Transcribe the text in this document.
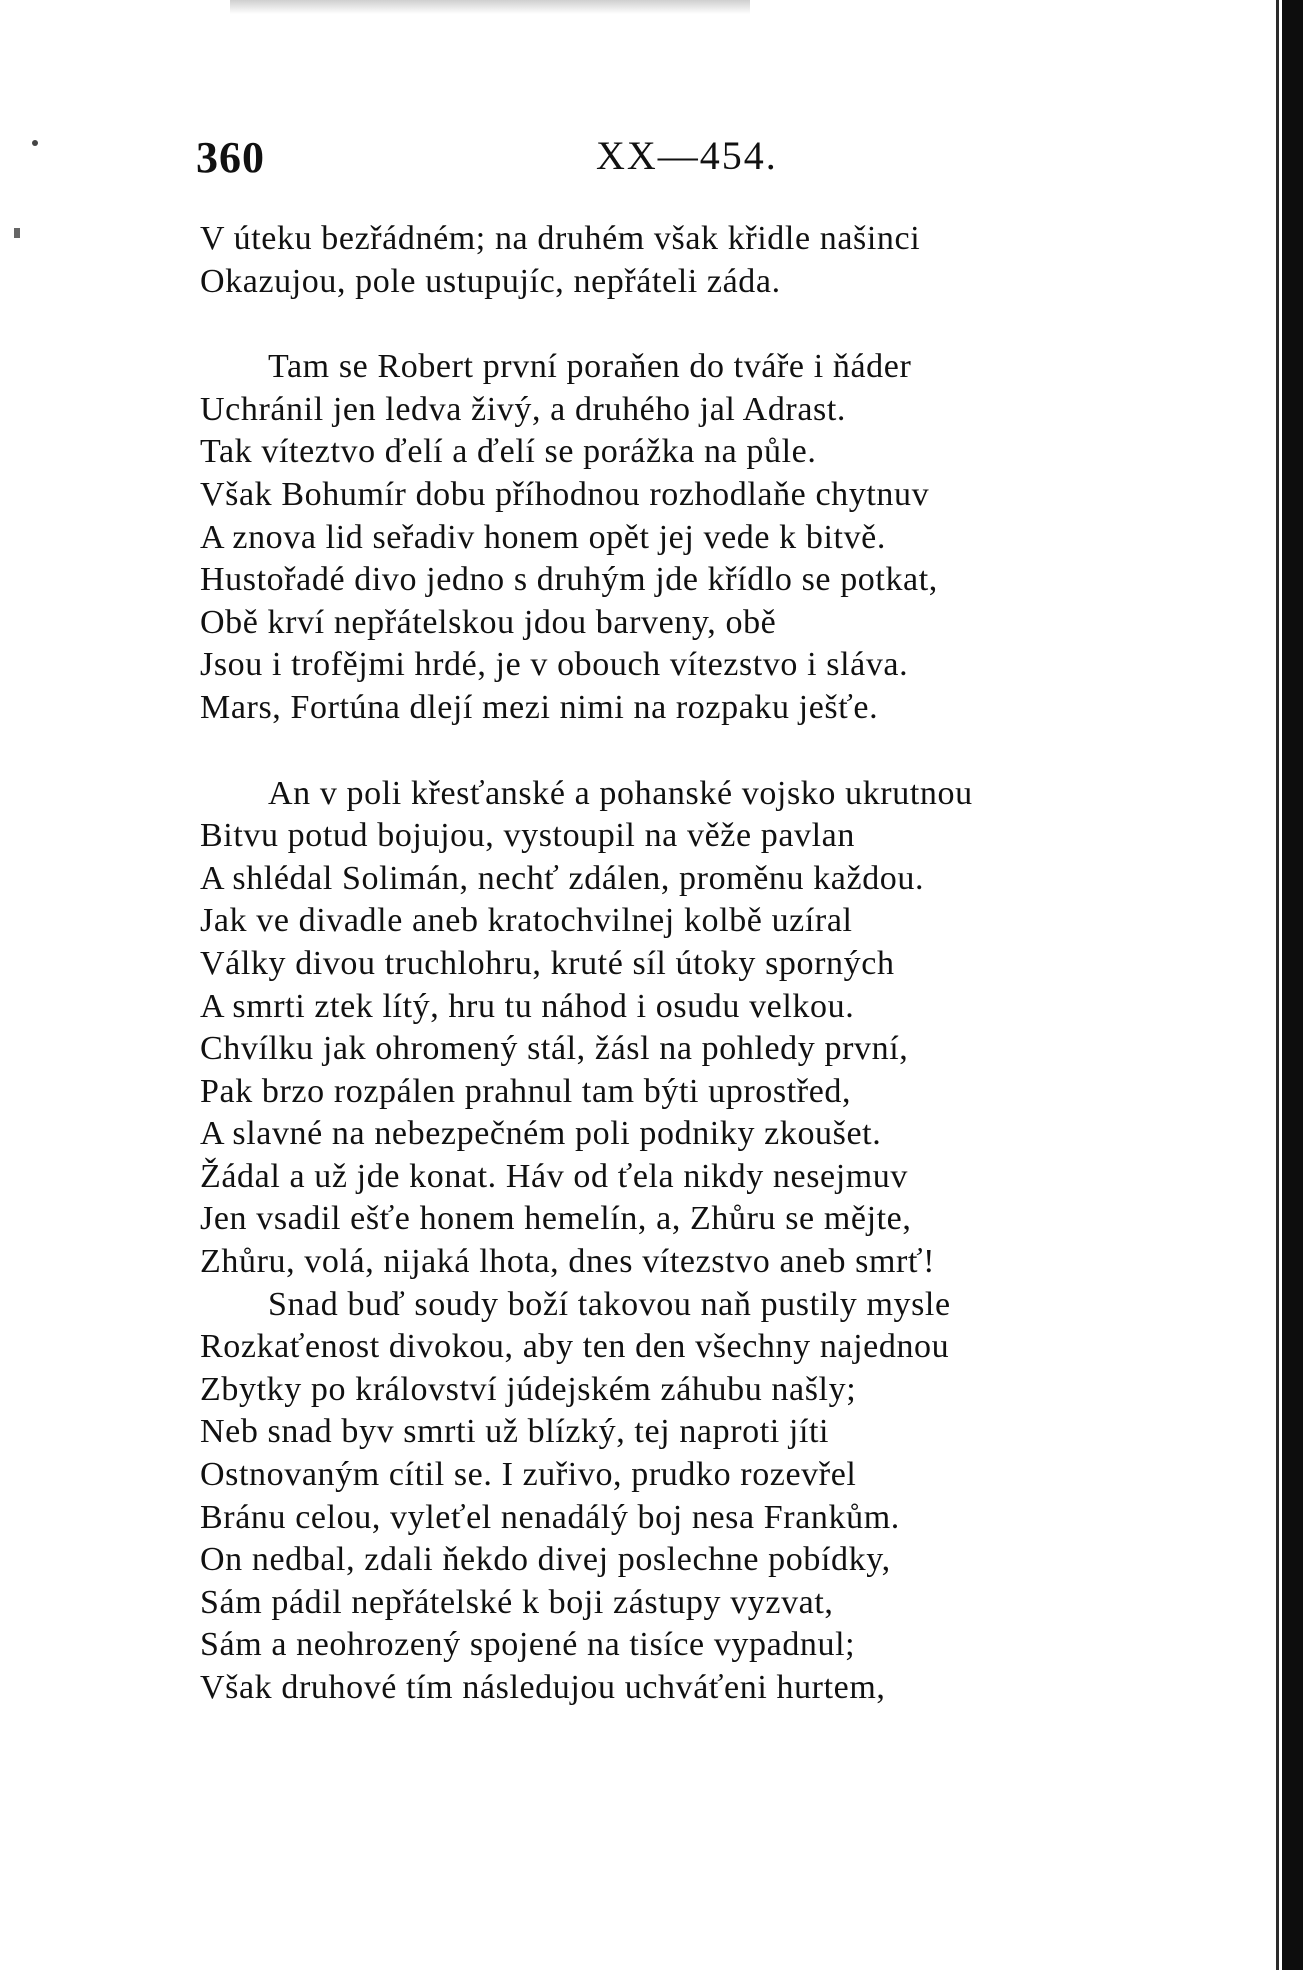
360	XX—454.
V úteku bezřádném; na druhém však křidle našinci
Okazujou, pole ustupujíc, nepřáteli záda.
Tam se Robert první poraňen do tváře i ňáder
Uchránil jen ledva živý, a druhého jal Adrast.
Tak víteztvo ďelí a ďelí se porážka na půle.
Však Bohumír dobu příhodnou rozhodlaňe chytnuv
A znova lid seřadiv honem opět jej vede k bitvě.
Hustořadé divo jedno s druhým jde křídlo se potkat,
Obě krví nepřátelskou jdou barveny, obě
Jsou i trofějmi hrdé, je v obouch vítezstvo i sláva.
Mars, Fortúna dlejí mezi nimi na rozpaku ješťe.
An v poli křesťanské a pohanské vojsko ukrutnou
Bitvu potud bojujou, vystoupil na věže pavlan
A shlédal Solimán, nechť zdálen, proměnu každou.
Jak ve divadle aneb kratochvilnej kolbě uzíral
Války divou truchlohru, kruté síl útoky sporných
A smrti ztek lítý, hru tu náhod i osudu velkou.
Chvílku jak ohromený stál, žásl na pohledy první,
Pak brzo rozpálen prahnul tam býti uprostřed,
A slavné na nebezpečném poli podniky zkoušet.
Žádal a už jde konat. Háv od ťela nikdy nesejmuv
Jen vsadil ešťe honem hemelín, a, Zhůru se mějte,
Zhůru, volá, nijaká lhota, dnes vítezstvo aneb smrť!
Snad buď soudy boží takovou naň pustily mysle
Rozkaťenost divokou, aby ten den všechny najednou
Zbytky po království júdejském záhubu našly;
Neb snad byv smrti už blízký, tej naproti jíti
Ostnovaným cítil se. I zuřivo, prudko rozevřel
Bránu celou, vyleťel nenadálý boj nesa Frankům.
On nedbal, zdali ňekdo divej poslechne pobídky,
Sám pádil nepřátelské k boji zástupy vyzvat,
Sám a neohrozený spojené na tisíce vypadnul;
Však druhové tím následujou uchváťeni hurtem,
